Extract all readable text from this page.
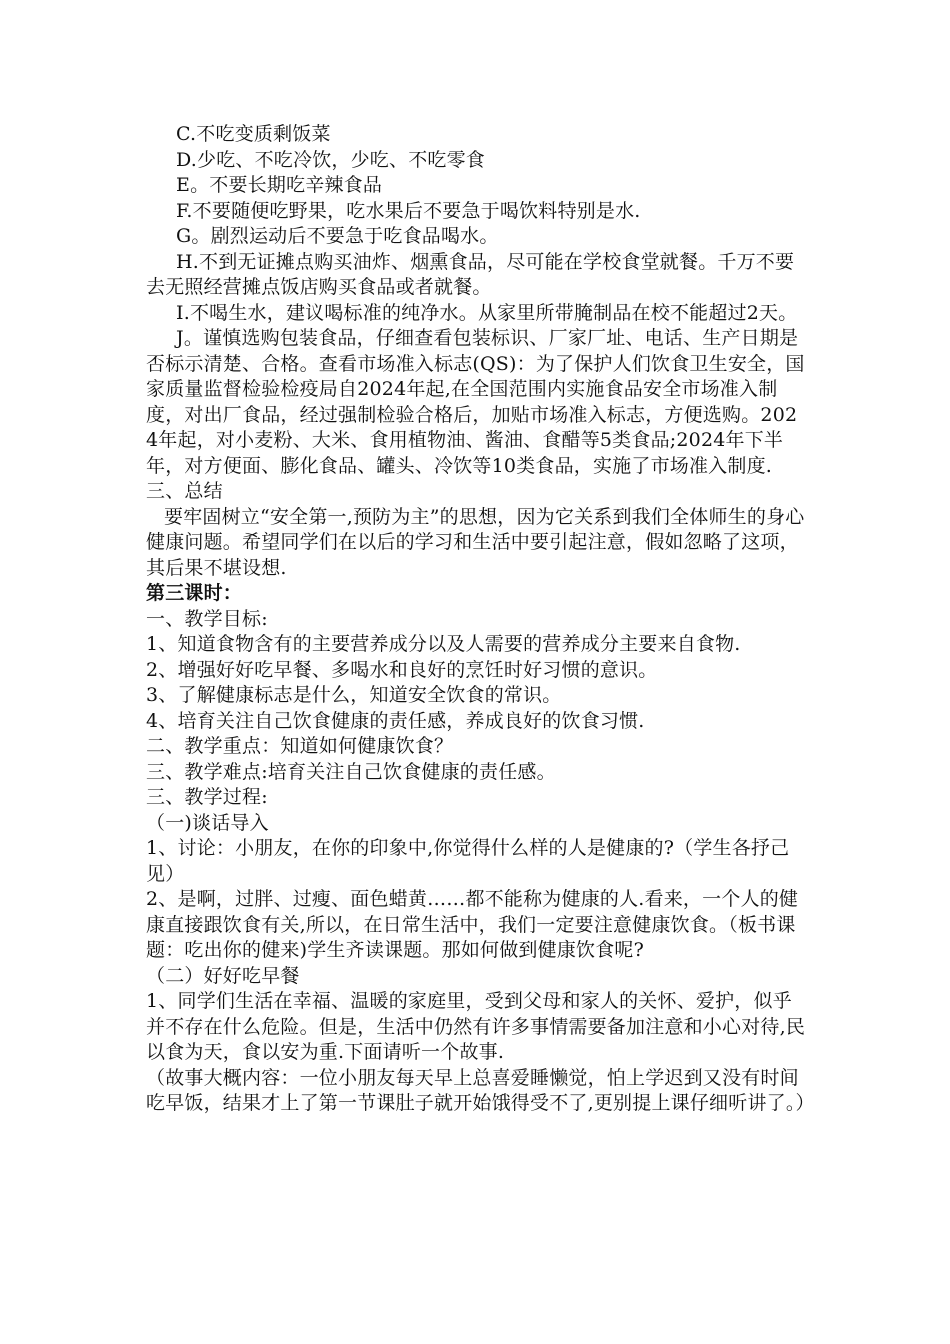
C.不吃变质剩饭菜

D.少吃、不吃冷饮，少吃、不吃零食

E。不要长期吃辛辣食品

F.不要随便吃野果，吃水果后不要急于喝饮料特别是水.

G。剧烈运动后不要急于吃食品喝水。

H.不到无证摊点购买油炸、烟熏食品，尽可能在学校食堂就餐。千万不要去无照经营摊点饭店购买食品或者就餐。

I.不喝生水，建议喝标准的纯净水。从家里所带腌制品在校不能超过2天。

J。谨慎选购包装食品，仔细查看包装标识、厂家厂址、电话、生产日期是否标示清楚、合格。查看市场准入标志(QS)：为了保护人们饮食卫生安全，国家质量监督检验检疫局自2024年起,在全国范围内实施食品安全市场准入制度，对出厂食品，经过强制检验合格后，加贴市场准入标志，方便选购。2024年起，对小麦粉、大米、食用植物油、酱油、食醋等5类食品;2024年下半年，对方便面、膨化食品、罐头、冷饮等10类食品，实施了市场准入制度.

三、总结

要牢固树立“安全第一,预防为主”的思想，因为它关系到我们全体师生的身心健康问题。希望同学们在以后的学习和生活中要引起注意，假如忽略了这项，其后果不堪设想.

第三课时：

一、教学目标:

1、知道食物含有的主要营养成分以及人需要的营养成分主要来自食物.

2、增强好好吃早餐、多喝水和良好的烹饪时好习惯的意识。

3、了解健康标志是什么，知道安全饮食的常识。

4、培育关注自己饮食健康的责任感，养成良好的饮食习惯.

二、教学重点：知道如何健康饮食？

三、教学难点:培育关注自己饮食健康的责任感。

三、教学过程:

（一)谈话导入

1、讨论：小朋友，在你的印象中,你觉得什么样的人是健康的?（学生各抒己见）

2、是啊，过胖、过瘦、面色蜡黄……都不能称为健康的人.看来，一个人的健康直接跟饮食有关,所以，在日常生活中，我们一定要注意健康饮食。（板书课题：吃出你的健来)学生齐读课题。那如何做到健康饮食呢?

（二）好好吃早餐

1、同学们生活在幸福、温暖的家庭里，受到父母和家人的关怀、爱护，似乎并不存在什么危险。但是，生活中仍然有许多事情需要备加注意和小心对待,民以食为天，食以安为重.下面请听一个故事.

（故事大概内容：一位小朋友每天早上总喜爱睡懒觉，怕上学迟到又没有时间吃早饭，结果才上了第一节课肚子就开始饿得受不了,更别提上课仔细听讲了。）
